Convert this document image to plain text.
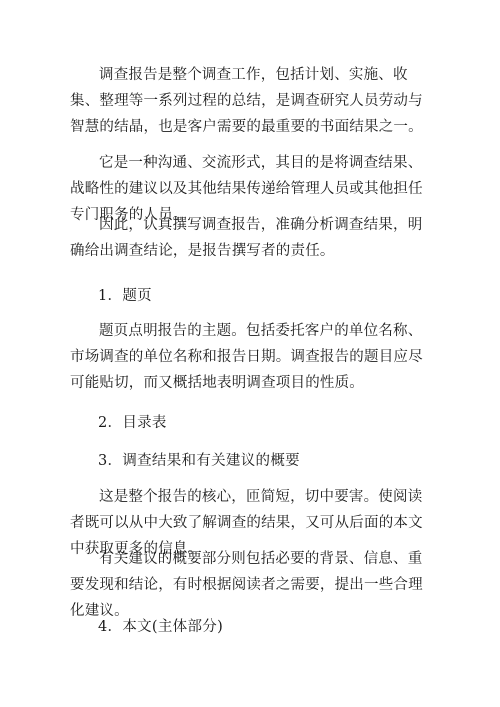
调查报告是整个调查工作，包括计划、实施、收集、整理等一系列过程的总结，是调查研究人员劳动与智慧的结晶，也是客户需要的最重要的书面结果之一。

它是一种沟通、交流形式，其目的是将调查结果、战略性的建议以及其他结果传递给管理人员或其他担任专门职务的人员。

因此，认真撰写调查报告，准确分析调查结果，明确给出调查结论，是报告撰写者的责任。

1．题页

题页点明报告的主题。包括委托客户的单位名称、市场调查的单位名称和报告日期。调查报告的题目应尽可能贴切，而又概括地表明调查项目的性质。

2．目录表

3．调查结果和有关建议的概要

这是整个报告的核心，匝简短，切中要害。使阅读者既可以从中大致了解调查的结果，又可从后面的本文中获取更多的信息。

有关建议的概要部分则包括必要的背景、信息、重要发现和结论，有时根据阅读者之需要，提出一些合理化建议。

4．本文(主体部分)
